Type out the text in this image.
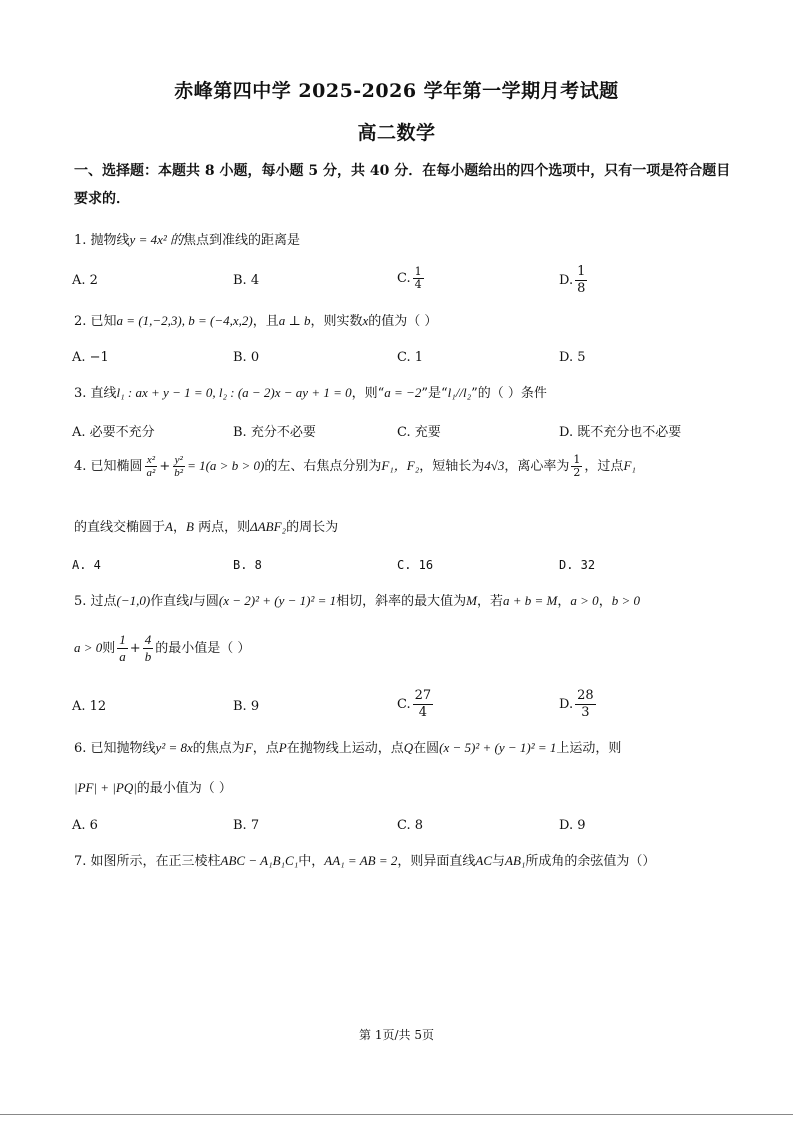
赤峰第四中学 2025-2026 学年第一学期月考试题
高二数学
一、选择题：本题共 8 小题，每小题 5 分，共 40 分．在每小题给出的四个选项中，只有一项是符合题目要求的．
1. 抛物线y = 4x² 的焦点到准线的距离是
A. 2	B. 4	C. $\frac{1}{4}$	D. $\frac{1}{8}$
2. 已知a = (1,−2,3), b = (−4,x,2)，且a ⊥ b，则实数x的值为（ ）
A. −1	B. 0	C. 1	D. 5
3. 直线l₁ : ax + y − 1 = 0, l₂ : (a − 2)x − ay + 1 = 0，则“a = −2”是“l₁//l₂”的（ ）条件
A. 必要不充分	B. 充分不必要	C. 充要	D. 既不充分也不必要
4. 已知椭圆 $\frac{\text{x²}}{\text{a²}} + \frac{\text{y²}}{\text{b²}} = 1(a > b > 0)$的左、右焦点分别为F₁，F₂，短轴长为4√3，离心率为 $\frac{1}{2}$ ，过点F₁
的直线交椭圆于A，B 两点，则ΔABF₂的周长为
A. 4	B. 8	C. 16	D. 32
5. 过点(−1,0)作直线l与圆(x − 2)² + (y − 1)² = 1相切，斜率的最大值为M，若a + b = M，a > 0，b > 0
a > 0则 $\frac{1}{a} + \frac{4}{b}$ 的最小值是（ ）
A. 12	B. 9	C. $\frac{27}{4}$	D. $\frac{28}{3}$
6. 已知抛物线y² = 8x的焦点为F，点P在抛物线上运动，点Q在圆(x − 5)² + (y − 1)² = 1上运动，则
|PF| + |PQ|的最小值为（ ）
A. 6	B. 7	C. 8	D. 9
7. 如图所示，在正三棱柱ABC − A₁B₁C₁中，AA₁ = AB = 2，则异面直线AC与AB₁所成角的余弦值为（）
第 1页/共 5页
